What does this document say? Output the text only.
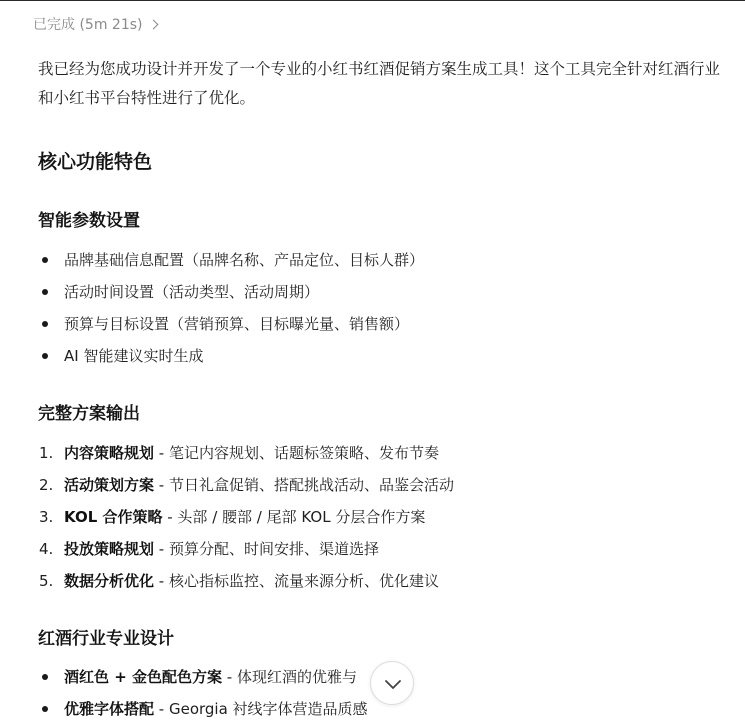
已完成 (5m 21s)

我已经为您成功设计并开发了一个专业的小红书红酒促销方案生成工具！这个工具完全针对红酒行业和小红书平台特性进行了优化。

核心功能特色
智能参数设置
品牌基础信息配置（品牌名称、产品定位、目标人群）
活动时间设置（活动类型、活动周期）
预算与目标设置（营销预算、目标曝光量、销售额）
AI 智能建议实时生成
完整方案输出
1. 内容策略规划 - 笔记内容规划、话题标签策略、发布节奏
2. 活动策划方案 - 节日礼盒促销、搭配挑战活动、品鉴会活动
3. KOL 合作策略 - 头部 / 腰部 / 尾部 KOL 分层合作方案
4. 投放策略规划 - 预算分配、时间安排、渠道选择
5. 数据分析优化 - 核心指标监控、流量来源分析、优化建议
红酒行业专业设计
酒红色 + 金色配色方案 - 体现红酒的优雅与
优雅字体搭配 - Georgia 衬线字体营造品质感
